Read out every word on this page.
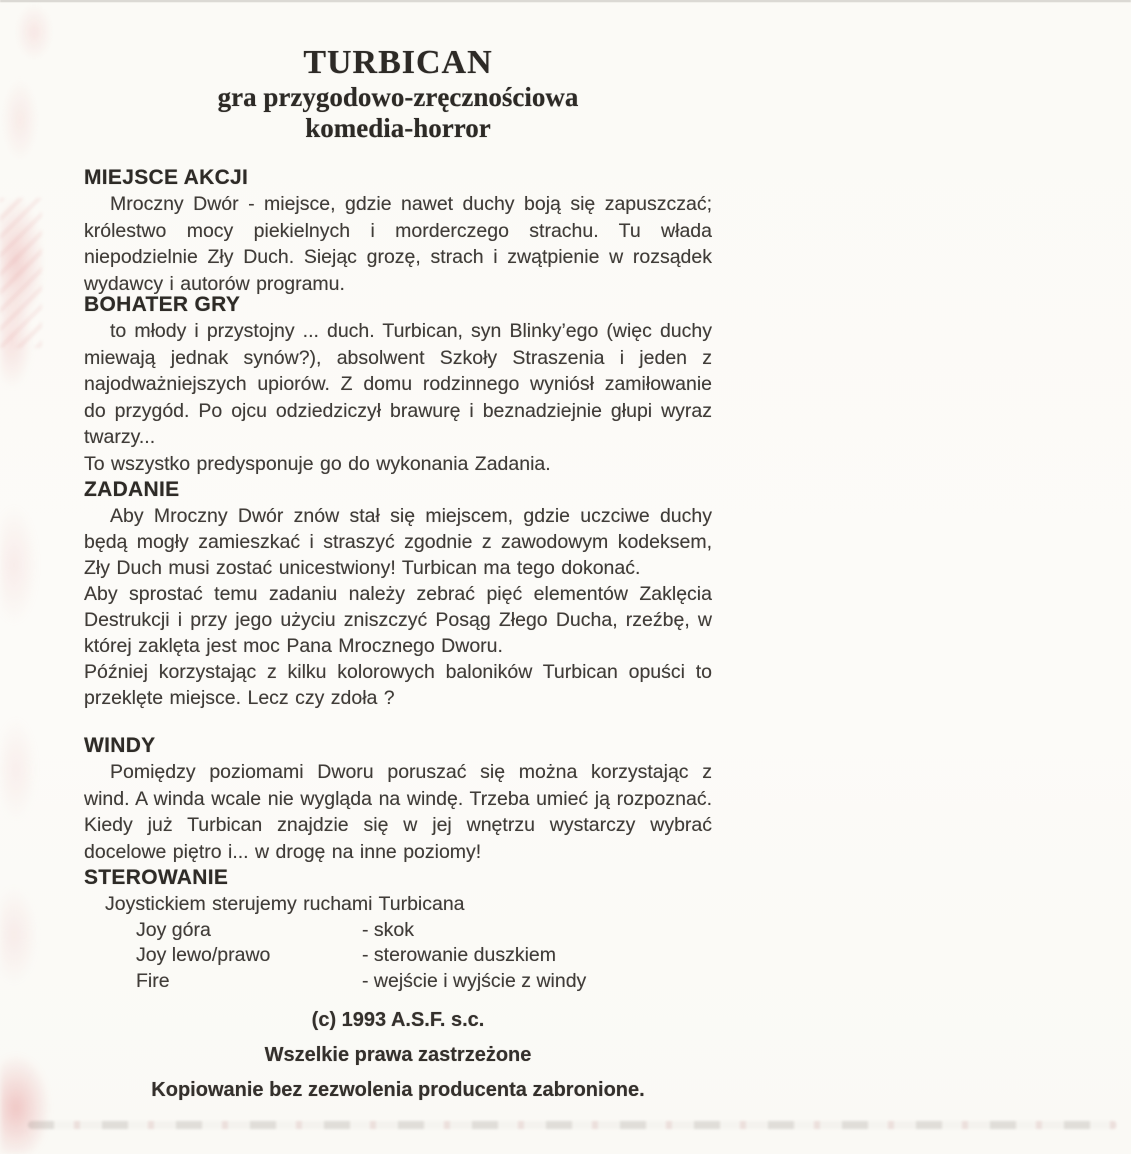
TURBICAN
gra przygodowo-zręcznościowa
komedia-horror
MIEJSCE AKCJI

Mroczny Dwór - miejsce, gdzie nawet duchy boją się zapuszczać; królestwo mocy piekielnych i morderczego strachu. Tu włada niepodzielnie Zły Duch. Siejąc grozę, strach i zwątpienie w rozsądek wydawcy i autorów programu.

BOHATER GRY

to młody i przystojny ... duch. Turbican, syn Blinky’ego (więc duchy miewają jednak synów?), absolwent Szkoły Straszenia i jeden z najodważniejszych upiorów. Z domu rodzinnego wyniósł zamiłowanie do przygód. Po ojcu odziedziczył brawurę i beznadziejnie głupi wyraz twarzy...

To wszystko predysponuje go do wykonania Zadania.

ZADANIE

Aby Mroczny Dwór znów stał się miejscem, gdzie uczciwe duchy będą mogły zamieszkać i straszyć zgodnie z zawodowym kodeksem, Zły Duch musi zostać unicestwiony! Turbican ma tego dokonać.

Aby sprostać temu zadaniu należy zebrać pięć elementów Zaklęcia Destrukcji i przy jego użyciu zniszczyć Posąg Złego Ducha, rzeźbę, w której zaklęta jest moc Pana Mrocznego Dworu.

Później korzystając z kilku kolorowych baloników Turbican opuści to przeklęte miejsce. Lecz czy zdoła ?

WINDY

Pomiędzy poziomami Dworu poruszać się można korzystając z wind. A winda wcale nie wygląda na windę. Trzeba umieć ją rozpoznać. Kiedy już Turbican znajdzie się w jej wnętrzu wystarczy wybrać docelowe piętro i... w drogę na inne poziomy!

STEROWANIE

Joystickiem sterujemy ruchami Turbicana

Joy góra	- skok
Joy lewo/prawo	- sterowanie duszkiem
Fire	- wejście i wyjście z windy
(c) 1993 A.S.F. s.c.
Wszelkie prawa zastrzeżone
Kopiowanie bez zezwolenia producenta zabronione.
